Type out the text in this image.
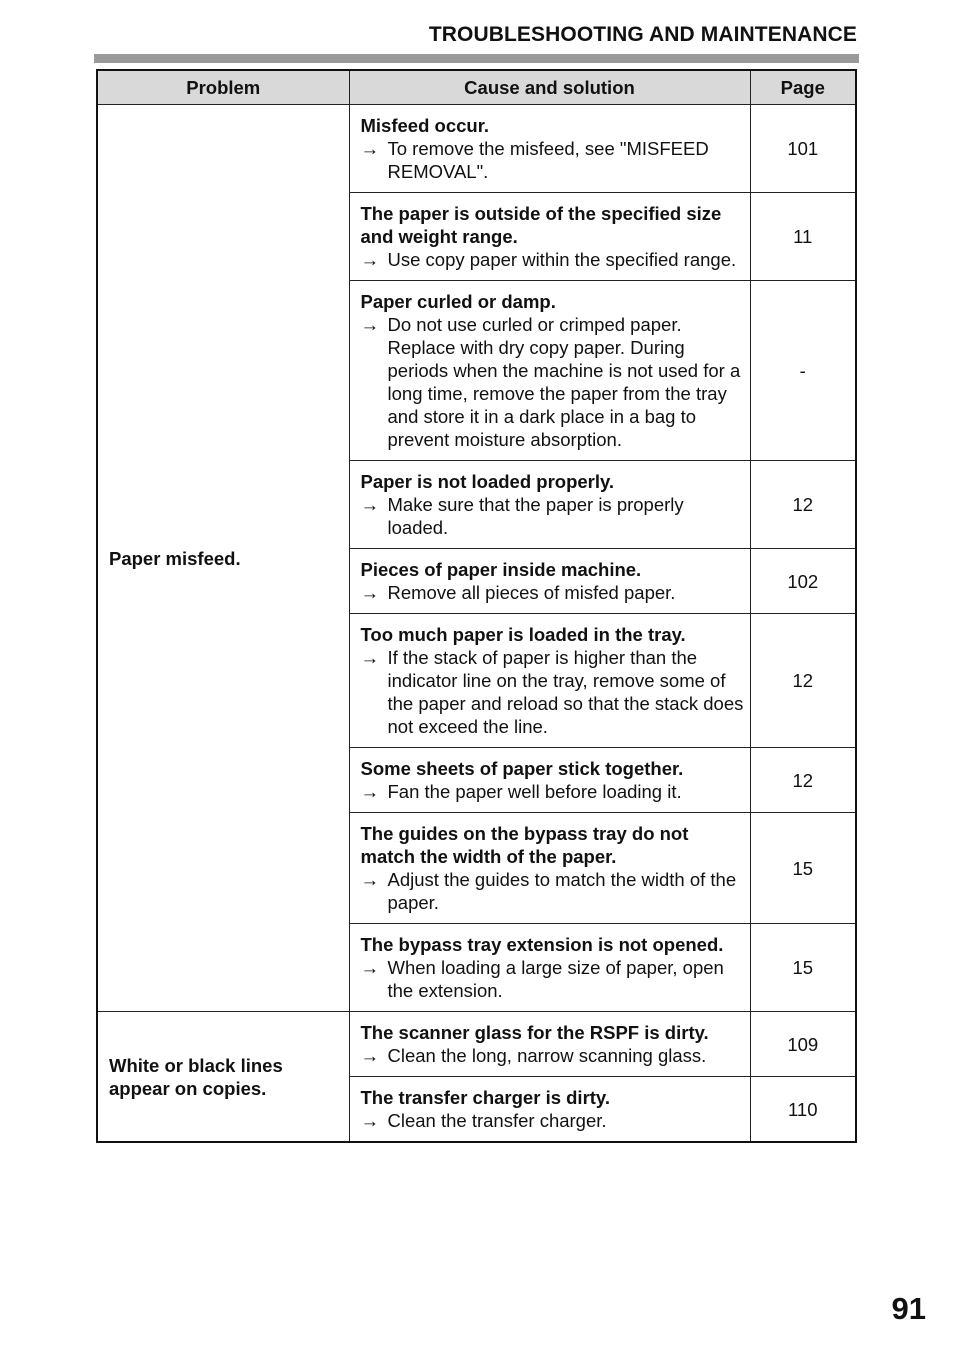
TROUBLESHOOTING AND MAINTENANCE
Problem	Cause and solution	Page
Paper misfeed.	Misfeed occur.
→ To remove the misfeed, see "MISFEED REMOVAL".	101

	The paper is outside of the specified size and weight range.
→ Use copy paper within the specified range.	11

	Paper curled or damp.
→ Do not use curled or crimped paper. Replace with dry copy paper. During periods when the machine is not used for a long time, remove the paper from the tray and store it in a dark place in a bag to prevent moisture absorption.	-

	Paper is not loaded properly.
→ Make sure that the paper is properly loaded.	12

	Pieces of paper inside machine.
→ Remove all pieces of misfed paper.	102

	Too much paper is loaded in the tray.
→ If the stack of paper is higher than the indicator line on the tray, remove some of the paper and reload so that the stack does not exceed the line.	12

	Some sheets of paper stick together.
→ Fan the paper well before loading it.	12

	The guides on the bypass tray do not match the width of the paper.
→ Adjust the guides to match the width of the paper.	15

	The bypass tray extension is not opened.
→ When loading a large size of paper, open the extension.	15
White or black lines appear on copies.	The scanner glass for the RSPF is dirty.
→ Clean the long, narrow scanning glass.	109

	The transfer charger is dirty.
→ Clean the transfer charger.	110
91
